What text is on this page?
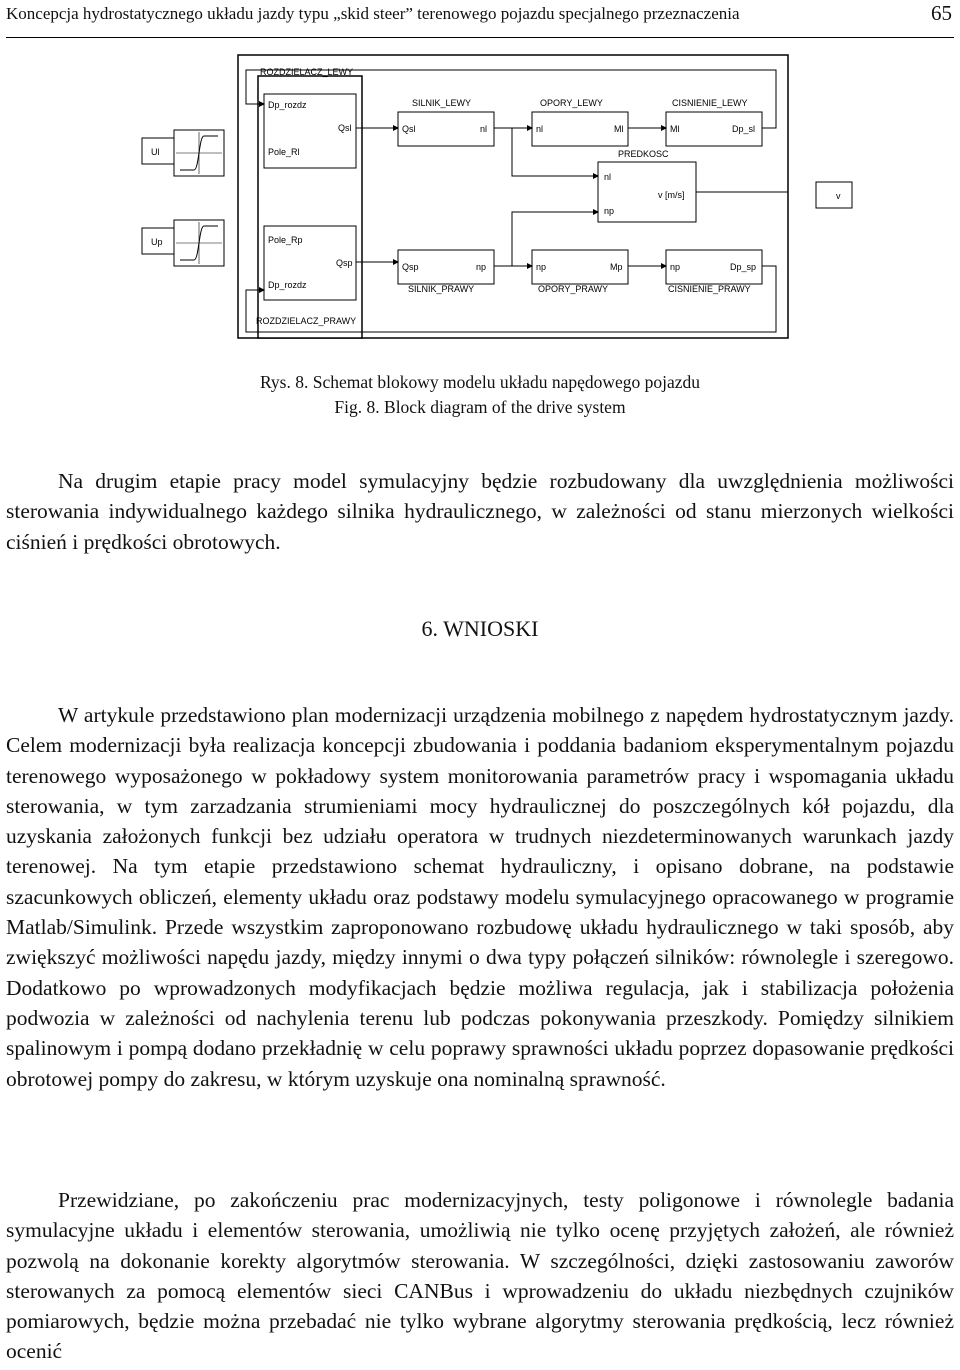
Koncepcja hydrostatycznego układu jazdy typu „skid steer” terenowego pojazdu specjalnego przeznaczenia	65
Ul
Up
ROZDZIELACZ_LEWY
Dp_rozdz
Pole_Rl
Qsl
ROZDZIELACZ_PRAWY
Pole_Rp
Dp_rozdz
Qsp
SILNIK_LEWY
Qsl	nl
SILNIK_PRAWY
Qsp	np
OPORY_LEWY
nl	Ml
OPORY_PRAWY
np	Mp
CISNIENIE_LEWY
Ml	Dp_sl
CISNIENIE_PRAWY
np	Dp_sp
PREDKOSC
nl
np
v [m/s]	v
Rys. 8. Schemat blokowy modelu układu napędowego pojazdu
Fig. 8. Block diagram of the drive system

Na drugim etapie pracy model symulacyjny będzie rozbudowany dla uwzględnienia możliwości sterowania indywidualnego każdego silnika hydraulicznego, w zależności od stanu mierzonych wielkości ciśnień i prędkości obrotowych.

6. WNIOSKI

W artykule przedstawiono plan modernizacji urządzenia mobilnego z napędem hydrostatycznym jazdy. Celem modernizacji była realizacja koncepcji zbudowania i poddania badaniom eksperymentalnym pojazdu terenowego wyposażonego w pokładowy system monitorowania parametrów pracy i wspomagania układu sterowania, w tym zarzadzania strumieniami mocy hydraulicznej do poszczególnych kół pojazdu, dla uzyskania założonych funkcji bez udziału operatora w trudnych niezdeterminowanych warunkach jazdy terenowej. Na tym etapie przedstawiono schemat hydrauliczny, i opisano dobrane, na podstawie szacunkowych obliczeń, elementy układu oraz podstawy modelu symulacyjnego opracowanego w programie Matlab/Simulink. Przede wszystkim zaproponowano rozbudowę układu hydraulicznego w taki sposób, aby zwiększyć możliwości napędu jazdy, między innymi o dwa typy połączeń silników: równolegle i szeregowo. Dodatkowo po wprowadzonych modyfikacjach będzie możliwa regulacja, jak i stabilizacja położenia podwozia w zależności od nachylenia terenu lub podczas pokonywania przeszkody. Pomiędzy silnikiem spalinowym i pompą dodano przekładnię w celu poprawy sprawności układu poprzez dopasowanie prędkości obrotowej pompy do zakresu, w którym uzyskuje ona nominalną sprawność.

Przewidziane, po zakończeniu prac modernizacyjnych, testy poligonowe i równolegle badania symulacyjne układu i elementów sterowania, umożliwią nie tylko ocenę przyjętych założeń, ale również pozwolą na dokonanie korekty algorytmów sterowania. W szczególności, dzięki zastosowaniu zaworów sterowanych za pomocą elementów sieci CANBus i wprowadzeniu do układu niezbędnych czujników pomiarowych, będzie można przebadać nie tylko wybrane algorytmy sterowania prędkością, lecz również ocenić
